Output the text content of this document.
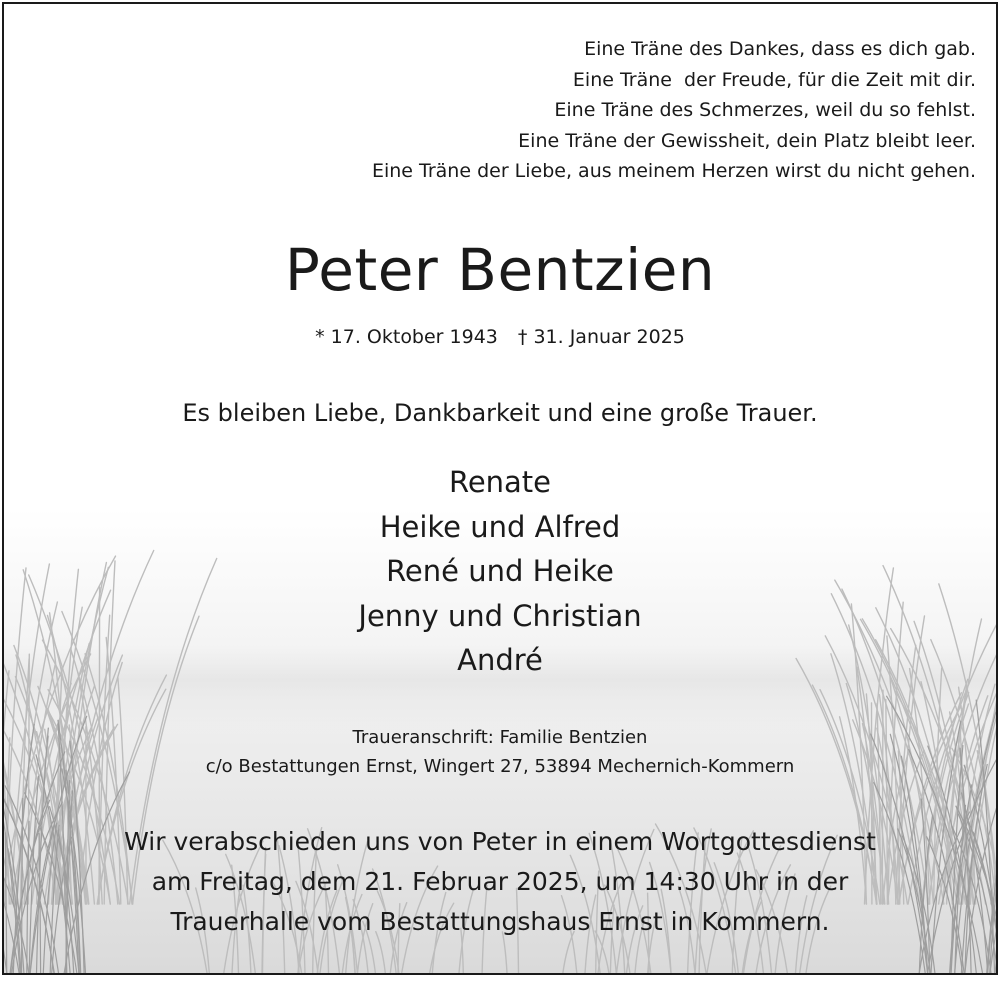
Eine Träne des Dankes, dass es dich gab.
Eine Träne  der Freude, für die Zeit mit dir.
Eine Träne des Schmerzes, weil du so fehlst.
Eine Träne der Gewissheit, dein Platz bleibt leer.
Eine Träne der Liebe, aus meinem Herzen wirst du nicht gehen.
Peter Bentzien
* 17. Oktober 1943 † 31. Januar 2025
Es bleiben Liebe, Dankbarkeit und eine große Trauer.
Renate
Heike und Alfred
René und Heike
Jenny und Christian
André
Traueranschrift: Familie Bentzien
c/o Bestattungen Ernst, Wingert 27, 53894 Mechernich-Kommern
Wir verabschieden uns von Peter in einem Wortgottesdienst
am Freitag, dem 21. Februar 2025, um 14:30 Uhr in der
Trauerhalle vom Bestattungshaus Ernst in Kommern.
